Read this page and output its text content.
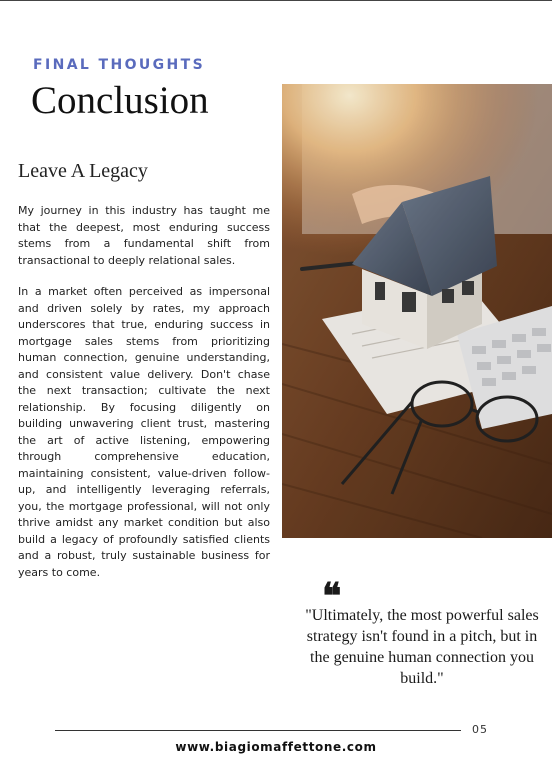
FINAL THOUGHTS
Conclusion
Leave A Legacy

My journey in this industry has taught me that the deepest, most enduring success stems from a fundamental shift from transactional to deeply relational sales.

In a market often perceived as impersonal and driven solely by rates, my approach underscores that true, enduring success in mortgage sales stems from prioritizing human connection, genuine understanding, and consistent value delivery. Don't chase the next transaction; cultivate the next relationship. By focusing diligently on building unwavering client trust, mastering the art of active listening, empowering through comprehensive education, maintaining consistent, value-driven follow-up, and intelligently leveraging referrals, you, the mortgage professional, will not only thrive amidst any market condition but also build a legacy of profoundly satisfied clients and a robust, truly sustainable business for years to come.

❝
"Ultimately, the most powerful sales strategy isn't found in a pitch, but in the genuine human connection you build."
05
www.biagiomaffettone.com
